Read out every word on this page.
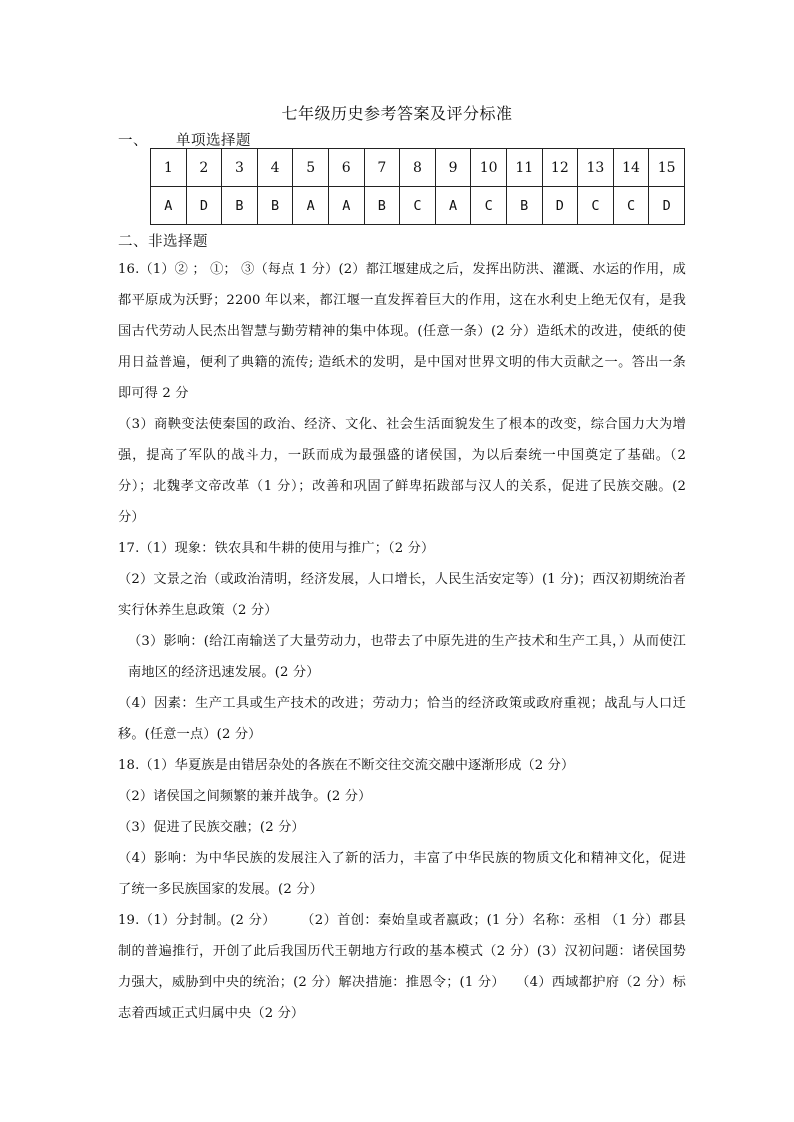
七年级历史参考答案及评分标准
一、 单项选择题
1	2	3	4	5	6	7	8	9	10	11	12	13	14	15
A	D	B	B	A	A	B	C	A	C	B	D	C	C	D
二、非选择题

16.（1）② ； ①； ③（每点 1 分）(2）都江堰建成之后，发挥出防洪、灌溉、水运的作用，成都平原成为沃野；2200 年以来，都江堰一直发挥着巨大的作用，这在水利史上绝无仅有，是我国古代劳动人民杰出智慧与勤劳精神的集中体现。(任意一条）(2 分）造纸术的改进，使纸的使用日益普遍，便利了典籍的流传; 造纸术的发明，是中国对世界文明的伟大贡献之一。答出一条即可得 2 分

（3）商鞅变法使秦国的政治、经济、文化、社会生活面貌发生了根本的改变，综合国力大为增强，提高了军队的战斗力，一跃而成为最强盛的诸侯国，为以后秦统一中国奠定了基础。（2 分）；北魏孝文帝改革（1 分）；改善和巩固了鲜卑拓跋部与汉人的关系，促进了民族交融。(2 分）

17.（1）现象：铁农具和牛耕的使用与推广；（2 分）

（2）文景之治（或政治清明，经济发展，人口增长，人民生活安定等）(1 分)；西汉初期统治者实行休养生息政策（2 分）

（3）影响：(给江南输送了大量劳动力，也带去了中原先进的生产技术和生产工具，）从而使江南地区的经济迅速发展。(2 分）

（4）因素：生产工具或生产技术的改进；劳动力；恰当的经济政策或政府重视；战乱与人口迁移。(任意一点）(2 分）

18.（1）华夏族是由错居杂处的各族在不断交往交流交融中逐渐形成（2 分）

（2）诸侯国之间频繁的兼并战争。(2 分）

（3）促进了民族交融；(2 分）

（4）影响：为中华民族的发展注入了新的活力，丰富了中华民族的物质文化和精神文化，促进了统一多民族国家的发展。(2 分）

19.（1）分封制。(2 分）　　 （2）首创：秦始皇或者嬴政；(1 分）名称：丞相 （1 分）郡县制的普遍推行，开创了此后我国历代王朝地方行政的基本模式（2 分）(3）汉初问题：诸侯国势力强大，威胁到中央的统治；(2 分）解决措施：推恩令；(1 分）　 （4）西域都护府（2 分）标志着西域正式归属中央（2 分）
